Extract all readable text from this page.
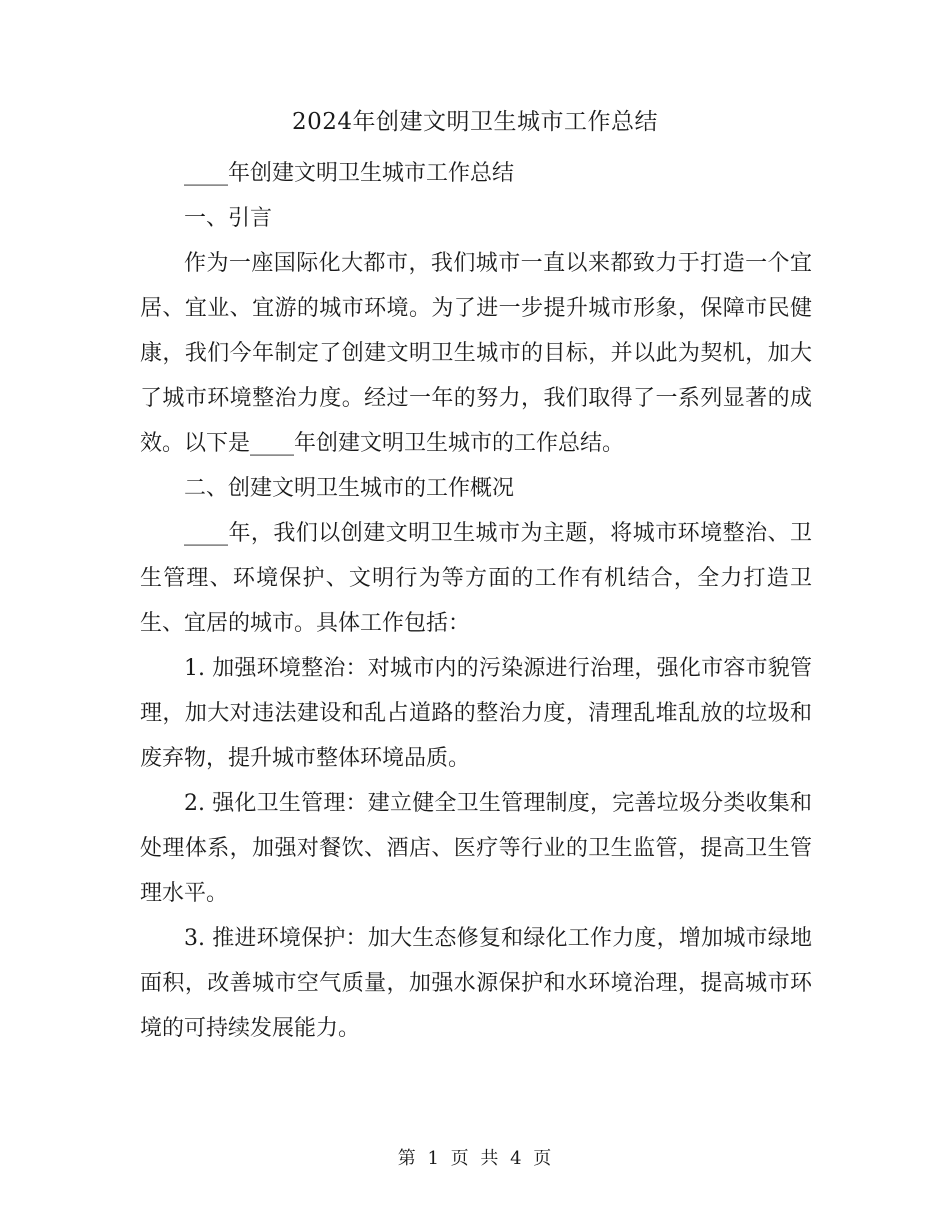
2024年创建文明卫生城市工作总结

____年创建文明卫生城市工作总结

一、引言

作为一座国际化大都市，我们城市一直以来都致力于打造一个宜居、宜业、宜游的城市环境。为了进一步提升城市形象，保障市民健康，我们今年制定了创建文明卫生城市的目标，并以此为契机，加大了城市环境整治力度。经过一年的努力，我们取得了一系列显著的成效。以下是____年创建文明卫生城市的工作总结。

二、创建文明卫生城市的工作概况

____年，我们以创建文明卫生城市为主题，将城市环境整治、卫生管理、环境保护、文明行为等方面的工作有机结合，全力打造卫生、宜居的城市。具体工作包括：

1. 加强环境整治：对城市内的污染源进行治理，强化市容市貌管理，加大对违法建设和乱占道路的整治力度，清理乱堆乱放的垃圾和废弃物，提升城市整体环境品质。

2. 强化卫生管理：建立健全卫生管理制度，完善垃圾分类收集和处理体系，加强对餐饮、酒店、医疗等行业的卫生监管，提高卫生管理水平。

3. 推进环境保护：加大生态修复和绿化工作力度，增加城市绿地面积，改善城市空气质量，加强水源保护和水环境治理，提高城市环境的可持续发展能力。

第 1 页 共 4 页
